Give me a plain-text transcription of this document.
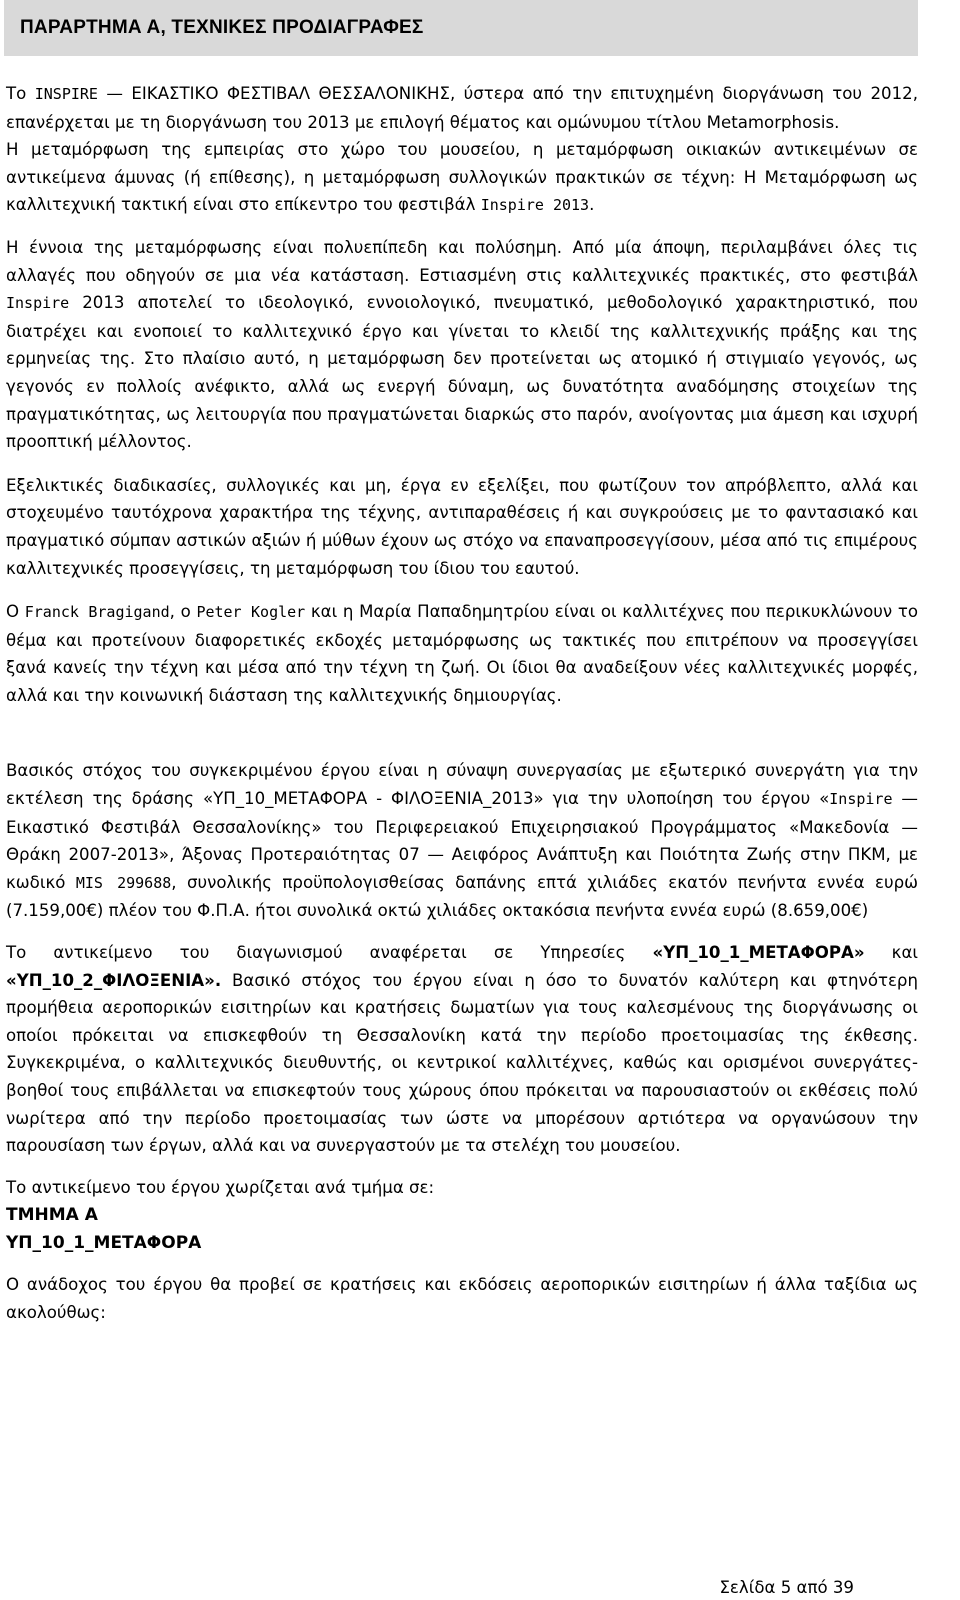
ΠΑΡΑΡΤΗΜΑ Α, ΤΕΧΝΙΚΕΣ ΠΡΟΔΙΑΓΡΑΦΕΣ

Το INSPIRE — ΕΙΚΑΣΤΙΚΟ ΦΕΣΤΙΒΑΛ ΘΕΣΣΑΛΟΝΙΚΗΣ, ύστερα από την επιτυχημένη διοργάνωση του 2012, επανέρχεται με τη διοργάνωση του 2013 με επιλογή θέματος και ομώνυμου τίτλου Metamorphosis.

Η μεταμόρφωση της εμπειρίας στο χώρο του μουσείου, η μεταμόρφωση οικιακών αντικειμένων σε αντικείμενα άμυνας (ή επίθεσης), η μεταμόρφωση συλλογικών πρακτικών σε τέχνη: Η Μεταμόρφωση ως καλλιτεχνική τακτική είναι στο επίκεντρο του φεστιβάλ Inspire 2013.

Η έννοια της μεταμόρφωσης είναι πολυεπίπεδη και πολύσημη. Από μία άποψη, περιλαμβάνει όλες τις αλλαγές που οδηγούν σε μια νέα κατάσταση. Εστιασμένη στις καλλιτεχνικές πρακτικές, στο φεστιβάλ Inspire 2013 αποτελεί το ιδεολογικό, εννοιολογικό, πνευματικό, μεθοδολογικό χαρακτηριστικό, που διατρέχει και ενοποιεί το καλλιτεχνικό έργο και γίνεται το κλειδί της καλλιτεχνικής πράξης και της ερμηνείας της. Στο πλαίσιο αυτό, η μεταμόρφωση δεν προτείνεται ως ατομικό ή στιγμιαίο γεγονός, ως γεγονός εν πολλοίς ανέφικτο, αλλά ως ενεργή δύναμη, ως δυνατότητα αναδόμησης στοιχείων της πραγματικότητας, ως λειτουργία που πραγματώνεται διαρκώς στο παρόν, ανοίγοντας μια άμεση και ισχυρή προοπτική μέλλοντος.

Εξελικτικές διαδικασίες, συλλογικές και μη, έργα εν εξελίξει, που φωτίζουν τον απρόβλεπτο, αλλά και στοχευμένο ταυτόχρονα χαρακτήρα της τέχνης, αντιπαραθέσεις ή και συγκρούσεις με το φαντασιακό και πραγματικό σύμπαν αστικών αξιών ή μύθων έχουν ως στόχο να επαναπροσεγγίσουν, μέσα από τις επιμέρους καλλιτεχνικές προσεγγίσεις, τη μεταμόρφωση του ίδιου του εαυτού.

Ο Franck Bragigand, ο Peter Kogler και η Μαρία Παπαδημητρίου είναι οι καλλιτέχνες που περικυκλώνουν το θέμα και προτείνουν διαφορετικές εκδοχές μεταμόρφωσης ως τακτικές που επιτρέπουν να προσεγγίσει ξανά κανείς την τέχνη και μέσα από την τέχνη τη ζωή. Οι ίδιοι θα αναδείξουν νέες καλλιτεχνικές μορφές, αλλά και την κοινωνική διάσταση της καλλιτεχνικής δημιουργίας.

Βασικός στόχος του συγκεκριμένου έργου είναι η σύναψη συνεργασίας με εξωτερικό συνεργάτη για την εκτέλεση της δράσης «ΥΠ_10_ΜΕΤΑΦΟΡΑ - ΦΙΛΟΞΕΝΙΑ_2013» για την υλοποίηση του έργου «Inspire — Εικαστικό Φεστιβάλ Θεσσαλονίκης» του Περιφερειακού Επιχειρησιακού Προγράμματος «Μακεδονία — Θράκη 2007-2013», Άξονας Προτεραιότητας 07 — Αειφόρος Ανάπτυξη και Ποιότητα Ζωής στην ΠΚΜ, με κωδικό MIS 299688, συνολικής προϋπολογισθείσας δαπάνης επτά χιλιάδες εκατόν πενήντα εννέα ευρώ (7.159,00€) πλέον του Φ.Π.Α. ήτοι συνολικά οκτώ χιλιάδες οκτακόσια πενήντα εννέα ευρώ (8.659,00€)

Το αντικείμενο του διαγωνισμού αναφέρεται σε Υπηρεσίες «ΥΠ_10_1_ΜΕΤΑΦΟΡΑ» και «ΥΠ_10_2_ΦΙΛΟΞΕΝΙΑ». Βασικό στόχος του έργου είναι η όσο το δυνατόν καλύτερη και φτηνότερη προμήθεια αεροπορικών εισιτηρίων και κρατήσεις δωματίων για τους καλεσμένους της διοργάνωσης οι οποίοι πρόκειται να επισκεφθούν τη Θεσσαλονίκη κατά την περίοδο προετοιμασίας της έκθεσης. Συγκεκριμένα, ο καλλιτεχνικός διευθυντής, οι κεντρικοί καλλιτέχνες, καθώς και ορισμένοι συνεργάτες-βοηθοί τους επιβάλλεται να επισκεφτούν τους χώρους όπου πρόκειται να παρουσιαστούν οι εκθέσεις πολύ νωρίτερα από την περίοδο προετοιμασίας των ώστε να μπορέσουν αρτιότερα να οργανώσουν την παρουσίαση των έργων, αλλά και να συνεργαστούν με τα στελέχη του μουσείου.

Το αντικείμενο του έργου χωρίζεται ανά τμήμα σε:

ΤΜΗΜΑ Α

ΥΠ_10_1_ΜΕΤΑΦΟΡΑ

Ο ανάδοχος του έργου θα προβεί σε κρατήσεις και εκδόσεις αεροπορικών εισιτηρίων ή άλλα ταξίδια ως ακολούθως:

Σελίδα 5 από 39
